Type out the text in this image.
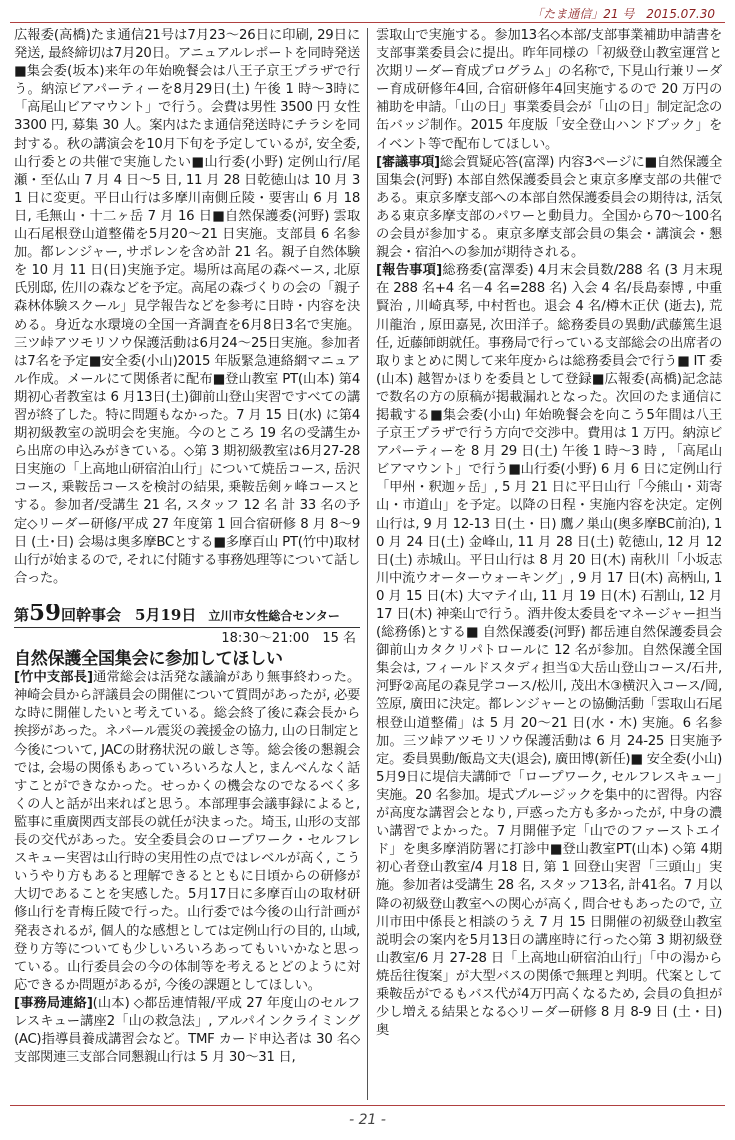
「たま通信」21 号　2015.07.30

広報委(高橋)たま通信21号は7月23～26日に印刷, 29日に発送, 最終締切は7月20日。アニュアルレポートを同時発送■集会委(坂本)来年の年始晩餐会は八王子京王プラザで行う。納涼ビアパーティーを8月29日(土) 午後 1 時～3時に「高尾山ビアマウント」で行う。会費は男性 3500 円 女性 3300 円, 募集 30 人。案内はたま通信発送時にチラシを同封する。秋の講演会を10月下旬を予定しているが, 安全委, 山行委との共催で実施したい■山行委(小野) 定例山行/尾瀬・至仏山 7 月 4 日～5 日, 11 月 28 日乾徳山は 10 月 31 日に変更。平日山行は多摩川南側丘陵・要害山 6 月 18 日, 毛無山・十二ヶ岳 7 月 16 日■自然保護委(河野) 雲取山石尾根登山道整備を5月20～21 日実施。支部員 6 名参加。都レンジャー, サポレンを含め計 21 名。親子自然体験を 10 月 11 日(日)実施予定。場所は高尾の森ベース, 北原氏別邸, 佐川の森などを予定。高尾の森づくりの会の「親子森林体験スクール」見学報告などを参考に日時・内容を決める。身近な水環境の全国一斉調査を6月8日3名で実施。三ツ峠アツモリソウ保護活動は6月24～25日実施。参加者は7名を予定■安全委(小山)2015 年版緊急連絡網マニュアル作成。メールにて関係者に配布■登山教室 PT(山本) 第4期初心者教室は 6 月13日(土)御前山登山実習ですべての講習が終了した。特に問題もなかった。7 月 15 日(水) に第4期初級教室の説明会を実施。今のところ 19 名の受講生から出席の申込みがきている。◇第 3 期初級教室は6月27-28日実施の「上高地山研宿泊山行」について焼岳コース, 岳沢コース, 乗鞍岳コースを検討の結果, 乗鞍岳剣ヶ峰コースとする。参加者/受講生 21 名, スタッフ 12 名 計 33 名の予定◇リーダー研修/平成 27 年度第 1 回合宿研修 8 月 8～9 日 (土･日) 会場は奥多摩BCとする■多摩百山 PT(竹中)取材山行が始まるので, それに付随する事務処理等について話し合った。

第59回幹事会 5月19日 立川市女性総合センター
18:30～21:00　15 名
自然保護全国集会に参加してほしい

[竹中支部長]通常総会は活発な議論があり無事終わった。神崎会員から評議員会の開催について質問があったが, 必要な時に開催したいと考えている。総会終了後に森会長から挨拶があった。ネパール震災の義援金の協力, 山の日制定と今後について, JACの財務状況の厳しさ等。総会後の懇親会では, 会場の関係もあっていろいろな人と, まんべんなく話すことができなかった。せっかくの機会なのでなるべく多くの人と話が出来ればと思う。本部理事会議事録によると, 監事に重廣関西支部長の就任が決まった。埼玉, 山形の支部長の交代があった。安全委員会のロープワーク・セルフレスキュー実習は山行時の実用性の点ではレベルが高く, こういうやり方もあると理解できるとともに日頃からの研修が大切であることを実感した。5月17日に多摩百山の取材研修山行を青梅丘陵で行った。山行委では今後の山行計画が発表されるが, 個人的な感想としては定例山行の目的, 山域, 登り方等についても少しいろいろあってもいいかなと思っている。山行委員会の今の体制等を考えるとどのように対応できるか問題があるが, 今後の課題としてほしい。

[事務局連絡](山本) ◇都岳連情報/平成 27 年度山のセルフレスキュー講座2「山の救急法」, アルパインクライミング(AC)指導員養成講習会など。TMF カード申込者は 30 名◇支部関連三支部合同懇親山行は 5 月 30～31 日,

雲取山で実施する。参加13名◇本部/支部事業補助申請書を支部事業委員会に提出。昨年同様の「初級登山教室運営と次期リーダー育成プログラム」の名称で, 下見山行兼リーダー育成研修年4回, 合宿研修年4回実施するので 20 万円の補助を申請。「山の日」事業委員会が「山の日」制定記念の缶バッジ制作。2015 年度版「安全登山ハンドブック」をイベント等で配布してほしい。

[審議事項]総会質疑応答(富澤) 内容3ページに■自然保護全国集会(河野) 本部自然保護委員会と東京多摩支部の共催である。東京多摩支部への本部自然保護委員会の期待は, 活気ある東京多摩支部のパワーと動員力。全国から70～100名の会員が参加する。東京多摩支部会員の集会・講演会・懇親会・宿泊への参加が期待される。

[報告事項]総務委(富澤委) 4月末会員数/288 名 (3 月末現在 288 名+4 名－4 名=288 名) 入会 4 名/長島泰博 , 中重賢治 , 川崎真琴, 中村哲也。退会 4 名/樽木正伏 (逝去), 荒川龍治 , 原田嘉晃, 次田洋子。総務委員の異動/武藤篤生退任, 近藤師朗就任。事務局で行っている支部総会の出席者の取りまとめに関して来年度からは総務委員会で行う■ IT 委(山本) 越智かほりを委員として登録■広報委(高橋)記念誌で数名の方の原稿が掲載漏れとなった。次回のたま通信に掲載する■集会委(小山) 年始晩餐会を向こう5年間は八王子京王プラザで行う方向で交渉中。費用は 1 万円。納涼ビアパーティーを 8 月 29 日(土) 午後 1 時～3 時 , 「高尾山ビアマウント」で行う■山行委(小野) 6 月 6 日に定例山行「甲州・釈迦ヶ岳」, 5 月 21 日に平日山行「今熊山・苅寄山・市道山」を予定。以降の日程・実施内容を決定。定例山行は, 9 月 12-13 日(土・日) 鷹ノ巣山(奥多摩BC前泊), 10 月 24 日(土) 金峰山, 11 月 28 日(土) 乾徳山, 12 月 12 日(土) 赤城山。平日山行は 8 月 20 日(木) 南秋川「小坂志川中流ウオーターウォーキング」, 9 月 17 日(木) 高柄山, 10 月 15 日(木) 大マテイ山, 11 月 19 日(木) 石割山, 12 月 17 日(木) 神楽山で行う。酒井俊太委員をマネージャー担当(総務係)とする■ 自然保護委(河野) 都岳連自然保護委員会御前山カタクリパトロールに 12 名が参加。自然保護全国集会は, フィールドスタディ担当①大岳山登山コース/石井, 河野②高尾の森見学コース/松川, 茂出木③横沢入コース/岡, 笠原, 廣田に決定。都レンジャーとの協働活動「雲取山石尾根登山道整備」は 5 月 20～21 日(水・木) 実施。6 名参加。三ツ峠アツモリソウ保護活動は 6 月 24-25 日実施予定。委員異動/飯島文夫(退会), 廣田博(新任)■ 安全委(小山) 5月9日に堤信夫講師で「ロープワーク, セルフレスキュー」実施。20 名参加。堤式プルージックを集中的に習得。内容が高度な講習会となり, 戸惑った方も多かったが, 中身の濃い講習でよかった。7 月開催予定「山でのファーストエイド」を奥多摩消防署に打診中■登山教室PT(山本) ◇第 4期初心者登山教室/4 月18 日, 第 1 回登山実習「三頭山」実施。参加者は受講生 28 名, スタッフ13名, 計41名。7 月以降の初級登山教室への関心が高く, 問合せもあったので, 立川市田中係長と相談のうえ 7 月 15 日開催の初級登山教室説明会の案内を5月13日の講座時に行った◇第 3 期初級登山教室/6 月 27-28 日「上高地山研宿泊山行」「中の湯から焼岳往復案」が大型バスの関係で無理と判明。代案として乗鞍岳がでるもバス代が4万円高くなるため, 会員の負担が少し増える結果となる◇リーダー研修 8 月 8-9 日 (土・日) 奥

- 21 -
